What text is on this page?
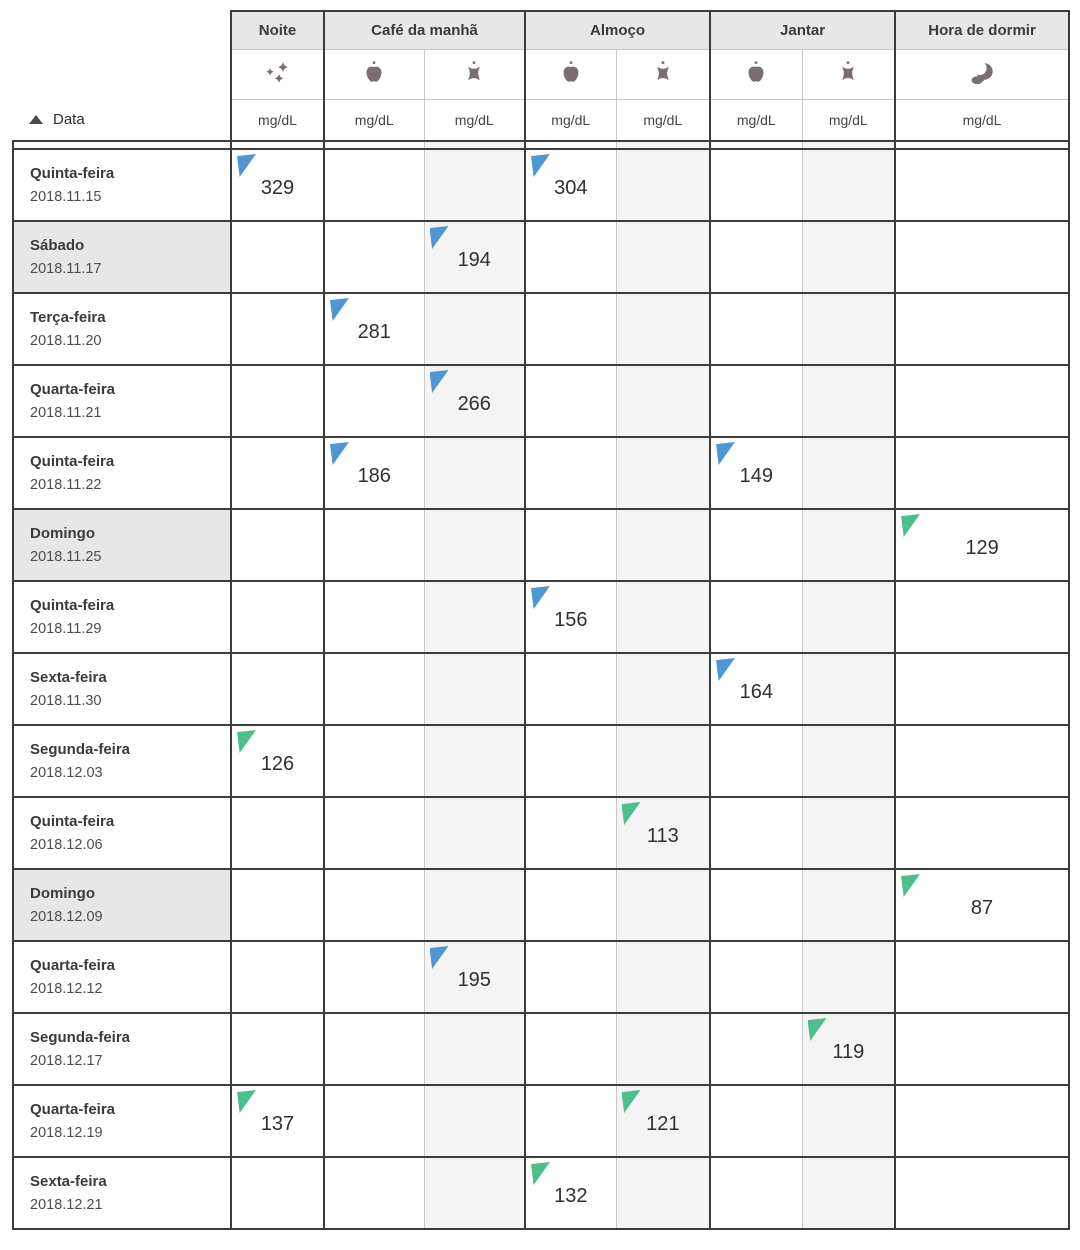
	Noite	Café da manhã		Almoço		Jantar		Hora de dormir

Data	mg/dL	mg/dL	mg/dL	mg/dL	mg/dL	mg/dL	mg/dL	mg/dL

Quinta-feira
2018.11.15	329			304				

Sábado
2018.11.17			194					

Terça-feira
2018.11.20		281						

Quarta-feira
2018.11.21			266					

Quinta-feira
2018.11.22		186				149		

Domingo
2018.11.25								129

Quinta-feira
2018.11.29				156				

Sexta-feira
2018.11.30						164		

Segunda-feira
2018.12.03	126							

Quinta-feira
2018.12.06					113			

Domingo
2018.12.09								87

Quarta-feira
2018.12.12			195					

Segunda-feira
2018.12.17							119	

Quarta-feira
2018.12.19	137				121			

Sexta-feira
2018.12.21				132				
